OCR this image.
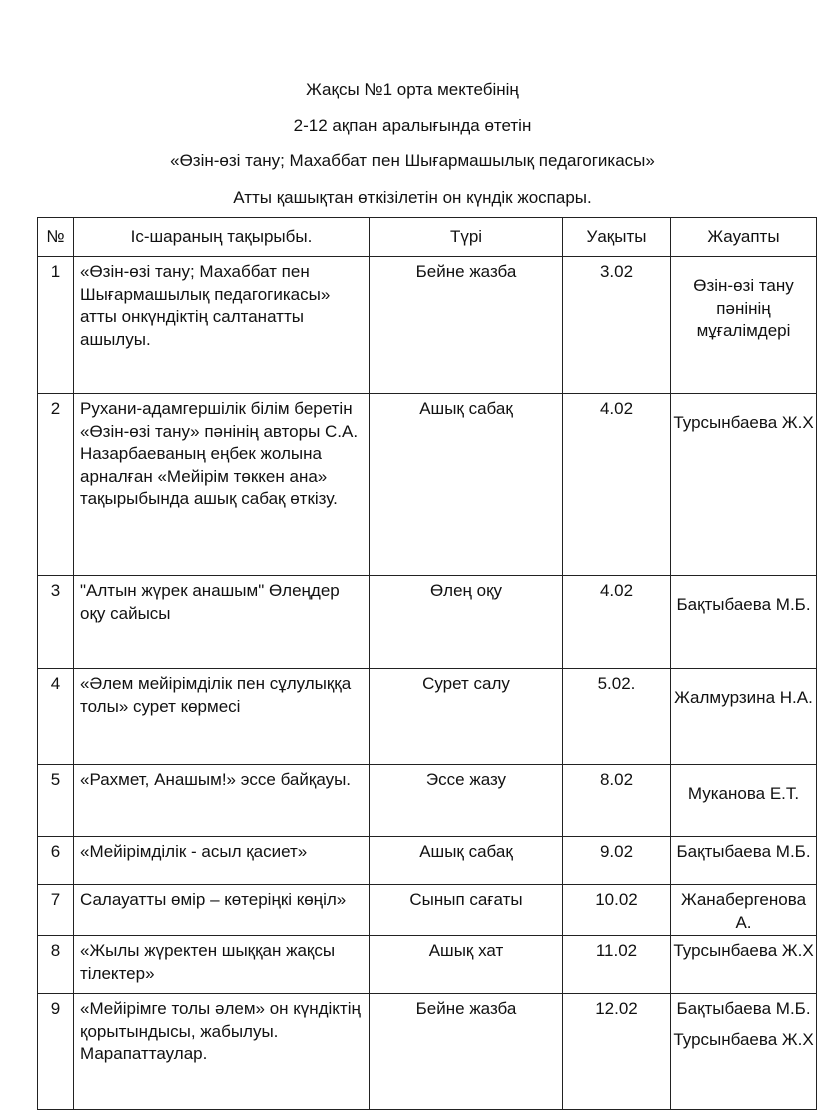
Жақсы №1 орта мектебінің
2-12 ақпан аралығында өтетін
«Өзін-өзі тану; Махаббат пен Шығармашылық педагогикасы»
Атты қашықтан өткізілетін он күндік жоспары.
№	Іс-шараның тақырыбы.	Түрі	Уақыты	Жауапты
1	«Өзін-өзі тану; Махаббат пен Шығармашылық педагогикасы» атты онкүндіктің салтанатты ашылуы.	Бейне жазба	3.02	Өзін-өзі тану пәнінің мұғалімдері

2	Рухани-адамгершілік білім беретін «Өзін-өзі тану» пәнінің авторы С.А. Назарбаеваның еңбек жолына арналған «Мейірім төккен ана» тақырыбында ашық сабақ өткізу.	Ашық сабақ	4.02	Турсынбаева Ж.Х

3	"Алтын жүрек анашым" Өлеңдер оқу сайысы	Өлең оқу	4.02	Бақтыбаева М.Б.

4	«Әлем мейірімділік пен сұлулыққа толы» сурет көрмесі	Сурет салу	5.02.	Жалмурзина Н.А.

5	«Рахмет, Анашым!» эссе байқауы.	Эссе жазу	8.02	Муканова Е.Т.

6	«Мейірімділік - асыл қасиет»	Ашық сабақ	9.02	Бақтыбаева М.Б.

7	Салауатты өмір – көтеріңкі көңіл»	Сынып сағаты	10.02	Жанабергенова А.

8	«Жылы жүректен шыққан жақсы тілектер»	Ашық хат	11.02	Турсынбаева Ж.Х

9	«Мейірімге толы әлем» он күндіктің қорытындысы, жабылуы. Марапаттаулар.	Бейне жазба	12.02	Бақтыбаева М.Б.
Турсынбаева Ж.Х
